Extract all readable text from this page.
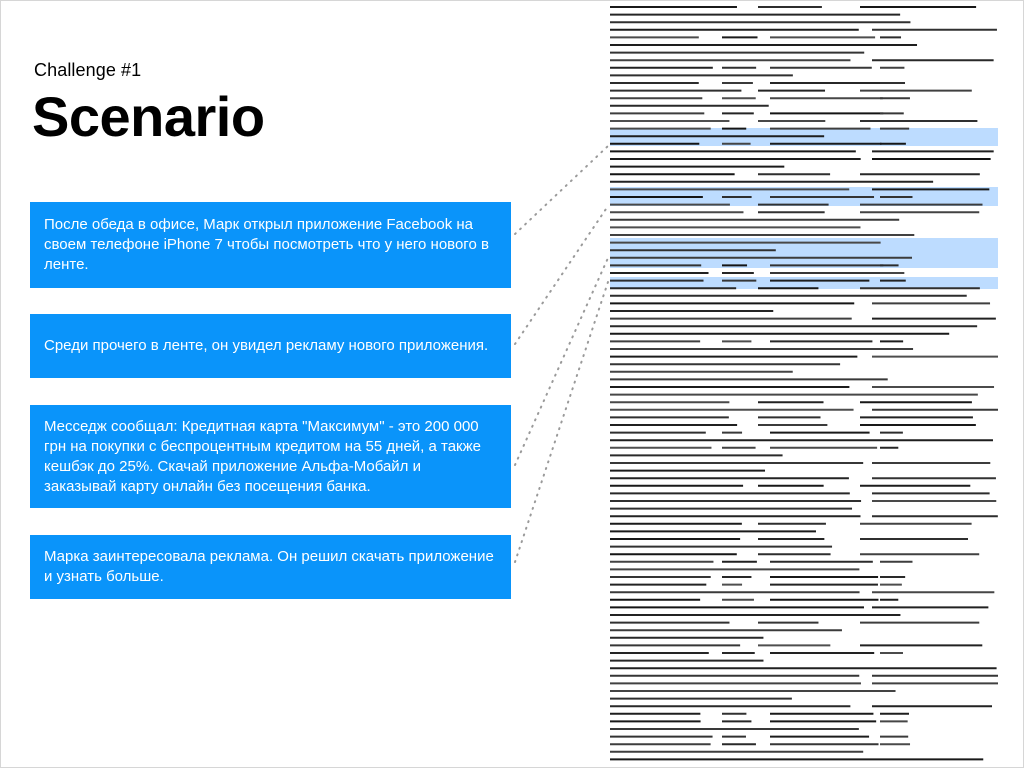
Challenge #1
Scenario
После обеда в офисе, Марк открыл приложение Facebook на своем телефоне iPhone 7 чтобы посмотреть что у него нового в ленте.
Среди прочего в ленте, он увидел рекламу нового приложения.
Месседж сообщал: Кредитная карта "Максимум" - это 200 000 грн на покупки с беспроцентным кредитом на 55 дней, а также кешбэк до 25%. Скачай приложение Альфа-Мобайл и заказывай карту онлайн без посещения банка.
Марка заинтересовала реклама. Он решил скачать приложение и узнать больше.
